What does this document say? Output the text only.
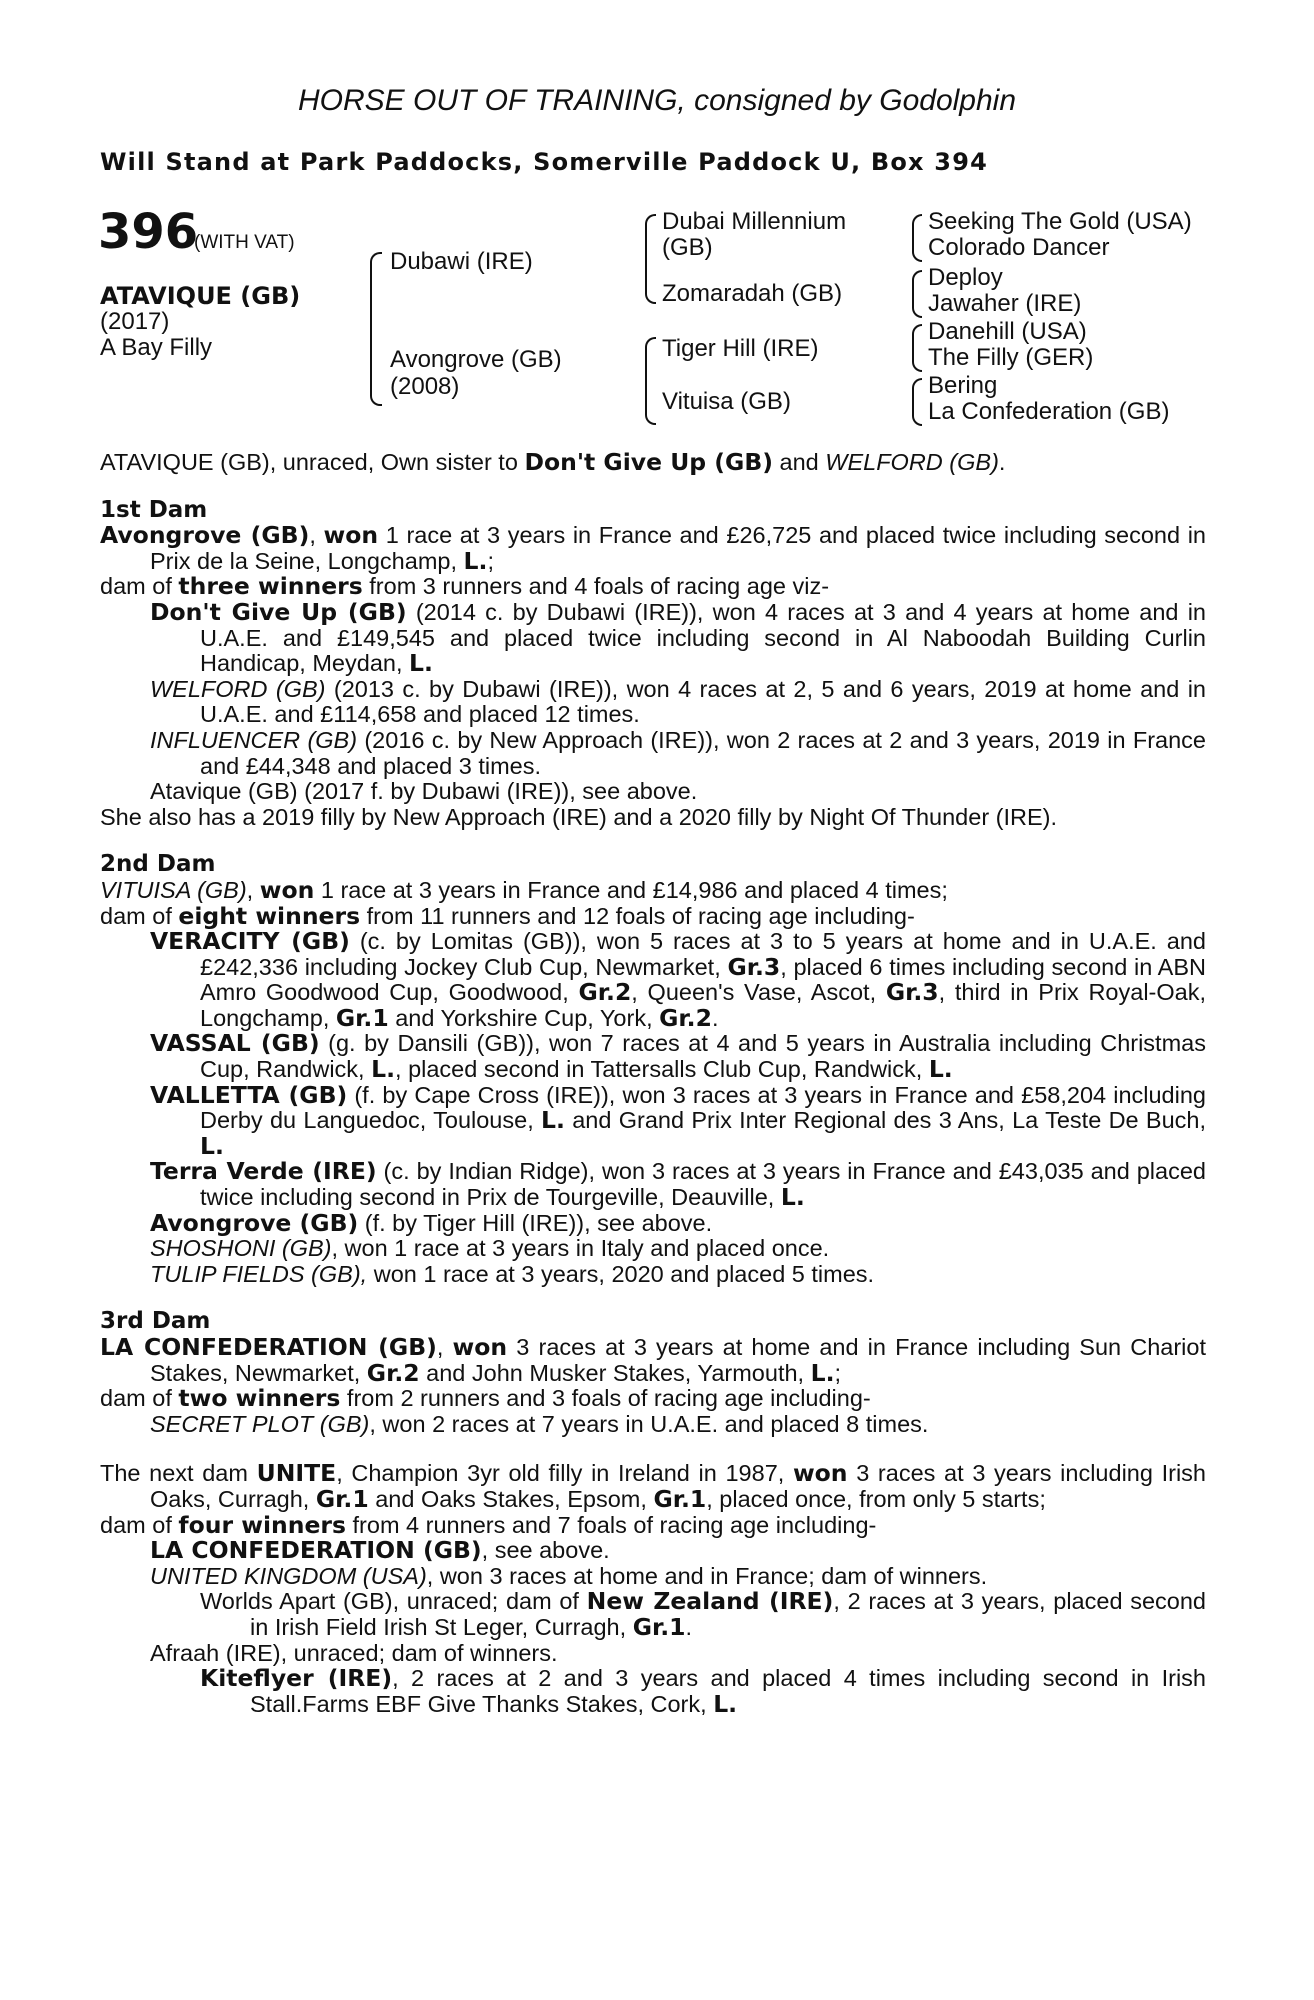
HORSE OUT OF TRAINING, consigned by Godolphin
Will Stand at Park Paddocks, Somerville Paddock U, Box 394
396
(WITH VAT)
ATAVIQUE (GB)
(2017)
A Bay Filly
Dubawi (IRE)
Avongrove (GB)
(2008)
Dubai Millennium
(GB)
Zomaradah (GB)
Tiger Hill (IRE)
Vituisa (GB)
Seeking The Gold (USA)
Colorado Dancer
Deploy
Jawaher (IRE)
Danehill (USA)
The Filly (GER)
Bering
La Confederation (GB)

ATAVIQUE (GB), unraced, Own sister to Don't Give Up (GB) and WELFORD (GB).

1st Dam

Avongrove (GB), won 1 race at 3 years in France and £26,725 and placed twice including second in Prix de la Seine, Longchamp, L.;

dam of three winners from 3 runners and 4 foals of racing age viz-

Don't Give Up (GB) (2014 c. by Dubawi (IRE)), won 4 races at 3 and 4 years at home and in U.A.E. and £149,545 and placed twice including second in Al Naboodah Building Curlin Handicap, Meydan, L.

WELFORD (GB) (2013 c. by Dubawi (IRE)), won 4 races at 2, 5 and 6 years, 2019 at home and in U.A.E. and £114,658 and placed 12 times.

INFLUENCER (GB) (2016 c. by New Approach (IRE)), won 2 races at 2 and 3 years, 2019 in France and £44,348 and placed 3 times.

Atavique (GB) (2017 f. by Dubawi (IRE)), see above.

She also has a 2019 filly by New Approach (IRE) and a 2020 filly by Night Of Thunder (IRE).

2nd Dam

VITUISA (GB), won 1 race at 3 years in France and £14,986 and placed 4 times;

dam of eight winners from 11 runners and 12 foals of racing age including-

VERACITY (GB) (c. by Lomitas (GB)), won 5 races at 3 to 5 years at home and in U.A.E. and £242,336 including Jockey Club Cup, Newmarket, Gr.3, placed 6 times including second in ABN Amro Goodwood Cup, Goodwood, Gr.2, Queen's Vase, Ascot, Gr.3, third in Prix Royal-Oak, Longchamp, Gr.1 and Yorkshire Cup, York, Gr.2.

VASSAL (GB) (g. by Dansili (GB)), won 7 races at 4 and 5 years in Australia including Christmas Cup, Randwick, L., placed second in Tattersalls Club Cup, Randwick, L.

VALLETTA (GB) (f. by Cape Cross (IRE)), won 3 races at 3 years in France and £58,204 including Derby du Languedoc, Toulouse, L. and Grand Prix Inter Regional des 3 Ans, La Teste De Buch, L.

Terra Verde (IRE) (c. by Indian Ridge), won 3 races at 3 years in France and £43,035 and placed twice including second in Prix de Tourgeville, Deauville, L.

Avongrove (GB) (f. by Tiger Hill (IRE)), see above.

SHOSHONI (GB), won 1 race at 3 years in Italy and placed once.

TULIP FIELDS (GB), won 1 race at 3 years, 2020 and placed 5 times.

3rd Dam

LA CONFEDERATION (GB), won 3 races at 3 years at home and in France including Sun Chariot Stakes, Newmarket, Gr.2 and John Musker Stakes, Yarmouth, L.;

dam of two winners from 2 runners and 3 foals of racing age including-

SECRET PLOT (GB), won 2 races at 7 years in U.A.E. and placed 8 times.

The next dam UNITE, Champion 3yr old filly in Ireland in 1987, won 3 races at 3 years including Irish Oaks, Curragh, Gr.1 and Oaks Stakes, Epsom, Gr.1, placed once, from only 5 starts;

dam of four winners from 4 runners and 7 foals of racing age including-

LA CONFEDERATION (GB), see above.

UNITED KINGDOM (USA), won 3 races at home and in France; dam of winners.

Worlds Apart (GB), unraced; dam of New Zealand (IRE), 2 races at 3 years, placed second in Irish Field Irish St Leger, Curragh, Gr.1.

Afraah (IRE), unraced; dam of winners.

Kiteflyer (IRE), 2 races at 2 and 3 years and placed 4 times including second in Irish Stall.Farms EBF Give Thanks Stakes, Cork, L.
